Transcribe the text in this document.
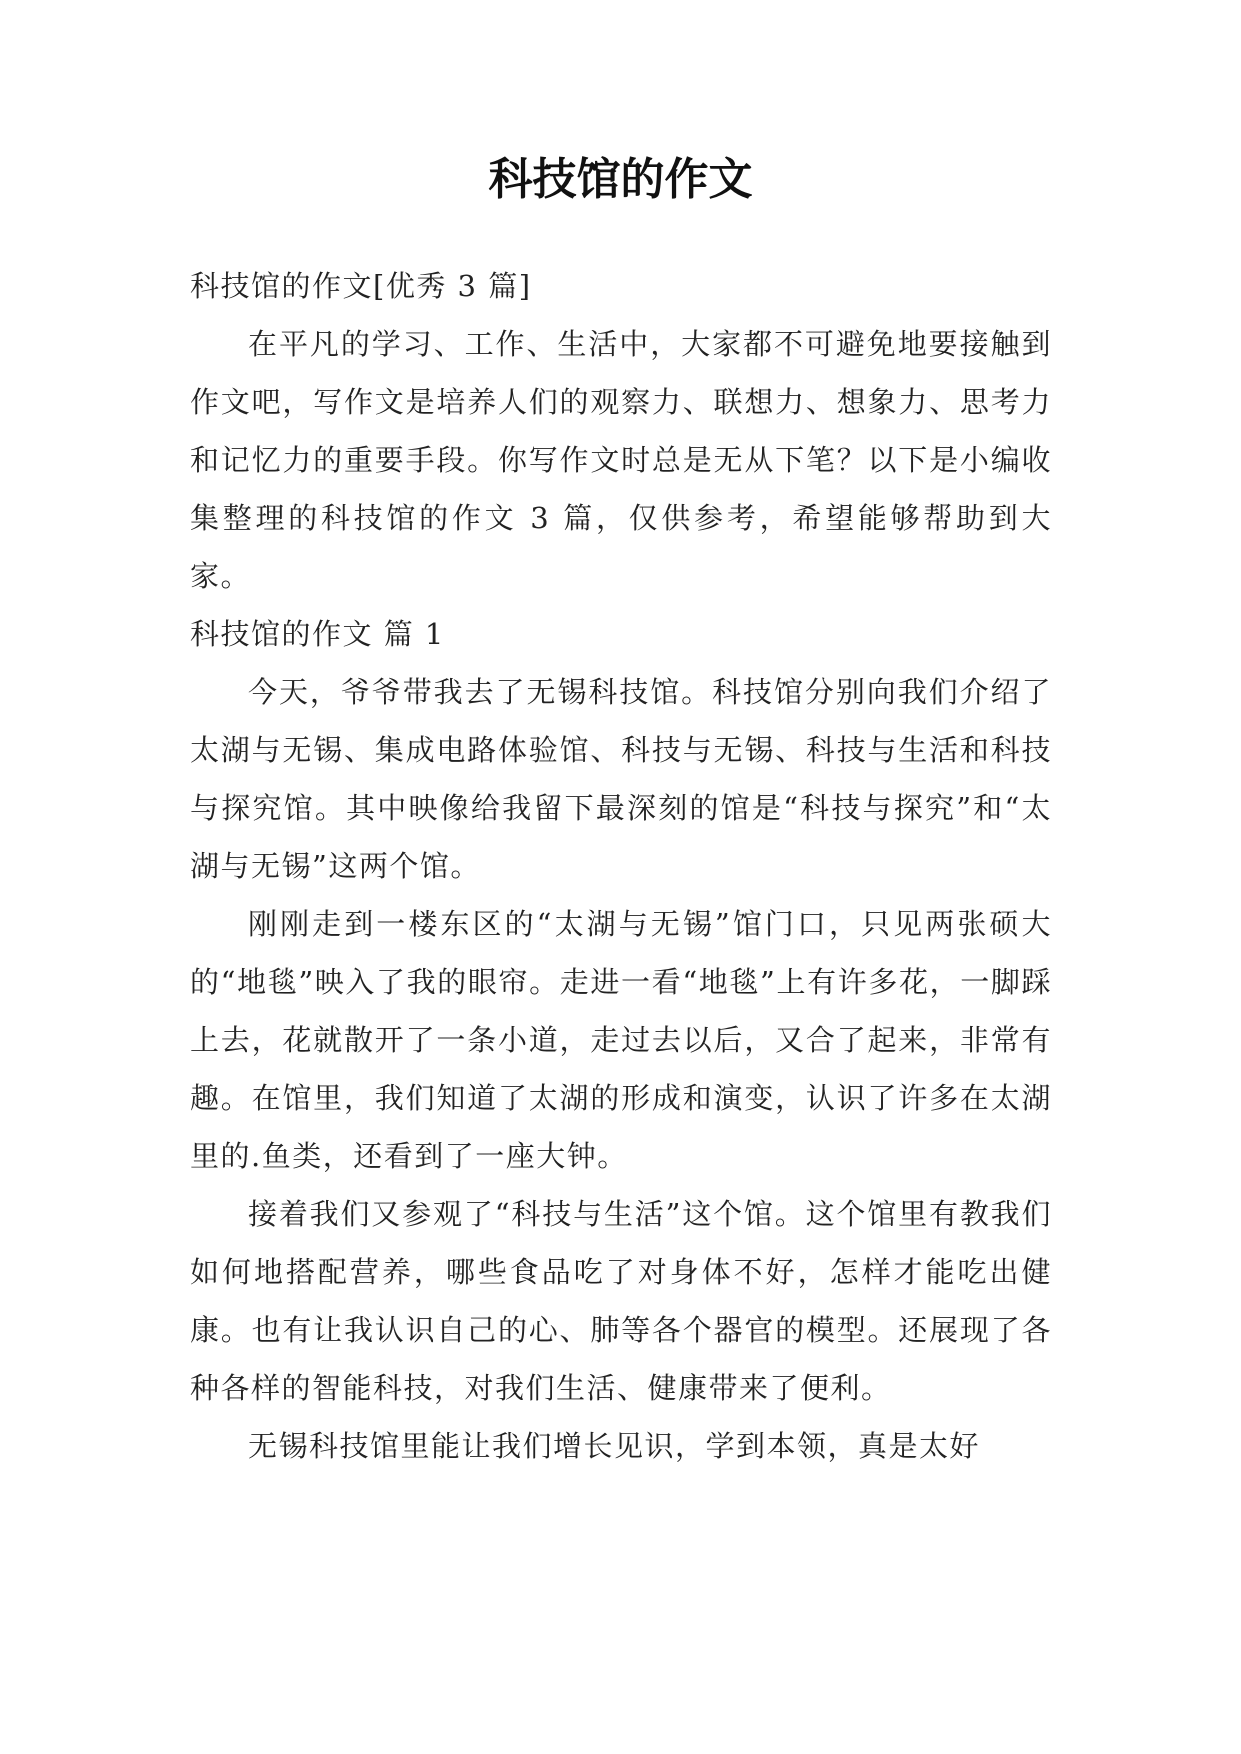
科技馆的作文

科技馆的作文[优秀 3 篇]

在平凡的学习、工作、生活中，大家都不可避免地要接触到作文吧，写作文是培养人们的观察力、联想力、想象力、思考力和记忆力的重要手段。你写作文时总是无从下笔？以下是小编收集整理的科技馆的作文 3 篇，仅供参考，希望能够帮助到大家。

科技馆的作文 篇 1

今天，爷爷带我去了无锡科技馆。科技馆分别向我们介绍了太湖与无锡、集成电路体验馆、科技与无锡、科技与生活和科技与探究馆。其中映像给我留下最深刻的馆是“科技与探究”和“太湖与无锡”这两个馆。

刚刚走到一楼东区的“太湖与无锡”馆门口，只见两张硕大的“地毯”映入了我的眼帘。走进一看“地毯”上有许多花，一脚踩上去，花就散开了一条小道，走过去以后，又合了起来，非常有趣。在馆里，我们知道了太湖的形成和演变，认识了许多在太湖里的.鱼类，还看到了一座大钟。

接着我们又参观了“科技与生活”这个馆。这个馆里有教我们如何地搭配营养，哪些食品吃了对身体不好，怎样才能吃出健康。也有让我认识自己的心、肺等各个器官的模型。还展现了各种各样的智能科技，对我们生活、健康带来了便利。

无锡科技馆里能让我们增长见识，学到本领，真是太好
